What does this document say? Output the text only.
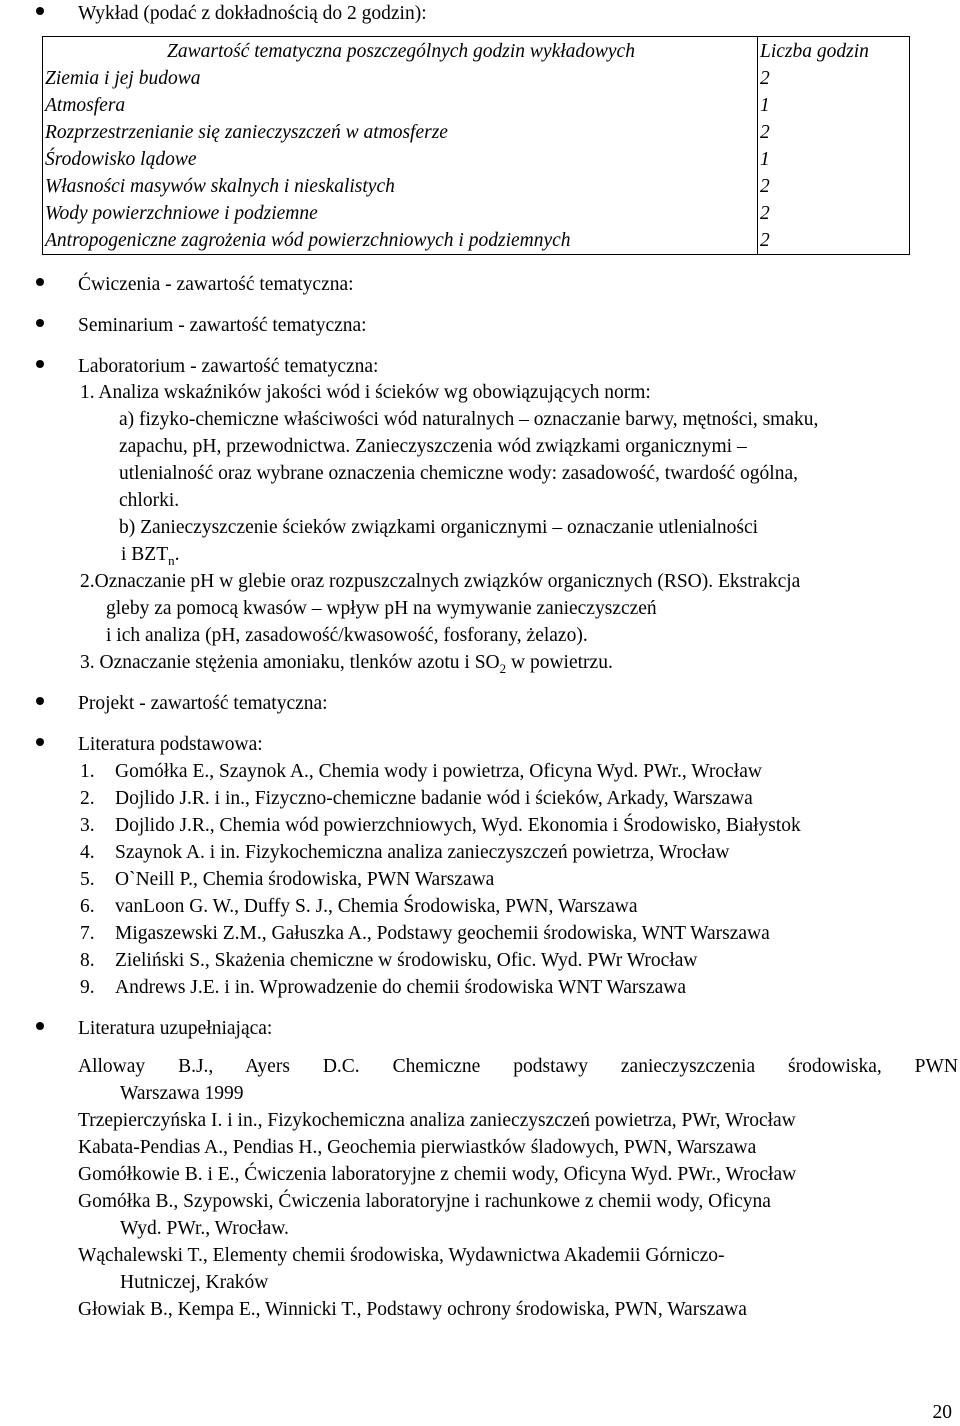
Wykład (podać z dokładnością do 2 godzin):
Zawartość tematyczna poszczególnych godzin wykładowych	Liczba godzin
Ziemia i jej budowa	2
Atmosfera	1
Rozprzestrzenianie się zanieczyszczeń w atmosferze	2
Środowisko lądowe	1
Własności masywów skalnych i nieskalistych	2
Wody powierzchniowe i podziemne	2
Antropogeniczne zagrożenia wód powierzchniowych i podziemnych	2
Ćwiczenia - zawartość tematyczna:
Seminarium - zawartość tematyczna:
Laboratorium - zawartość tematyczna:
1. Analiza wskaźników jakości wód i ścieków wg obowiązujących norm:
a) fizyko-chemiczne właściwości wód naturalnych – oznaczanie barwy, mętności, smaku,
zapachu, pH, przewodnictwa. Zanieczyszczenia wód związkami organicznymi –
utlenialność oraz wybrane oznaczenia chemiczne wody: zasadowość, twardość ogólna,
chlorki.
b) Zanieczyszczenie ścieków związkami organicznymi – oznaczanie utlenialności
i $BZT_n$.
2.Oznaczanie pH w glebie oraz rozpuszczalnych związków organicznych (RSO). Ekstrakcja
gleby za pomocą kwasów – wpływ pH na wymywanie zanieczyszczeń
i ich analiza (pH, zasadowość/kwasowość, fosforany, żelazo).
3. Oznaczanie stężenia amoniaku, tlenków azotu i $SO_2$ w powietrzu.
Projekt - zawartość tematyczna:
Literatura podstawowa:
1. Gomółka E., Szaynok A., Chemia wody i powietrza, Oficyna Wyd. PWr., Wrocław
2. Dojlido J.R. i in., Fizyczno-chemiczne badanie wód i ścieków, Arkady, Warszawa
3. Dojlido J.R., Chemia wód powierzchniowych, Wyd. Ekonomia i Środowisko, Białystok
4. Szaynok A. i in. Fizykochemiczna analiza zanieczyszczeń powietrza, Wrocław
5. O`Neill P., Chemia środowiska, PWN Warszawa
6. vanLoon G. W., Duffy S. J., Chemia Środowiska, PWN, Warszawa
7. Migaszewski Z.M., Gałuszka A., Podstawy geochemii środowiska, WNT Warszawa
8. Zieliński S., Skażenia chemiczne w środowisku, Ofic. Wyd. PWr Wrocław
9. Andrews J.E. i in. Wprowadzenie do chemii środowiska WNT Warszawa
Literatura uzupełniająca:
Alloway B.J., Ayers D.C. Chemiczne podstawy zanieczyszczenia środowiska, PWN
Warszawa 1999
Trzepierczyńska I. i in., Fizykochemiczna analiza zanieczyszczeń powietrza, PWr, Wrocław
Kabata-Pendias A., Pendias H., Geochemia pierwiastków śladowych, PWN, Warszawa
Gomółkowie B. i E., Ćwiczenia laboratoryjne z chemii wody, Oficyna Wyd. PWr., Wrocław
Gomółka B., Szypowski, Ćwiczenia laboratoryjne i rachunkowe z chemii wody, Oficyna
Wyd. PWr., Wrocław.
Wąchalewski T., Elementy chemii środowiska, Wydawnictwa Akademii Górniczo-
Hutniczej, Kraków
Głowiak B., Kempa E., Winnicki T., Podstawy ochrony środowiska, PWN, Warszawa
20
